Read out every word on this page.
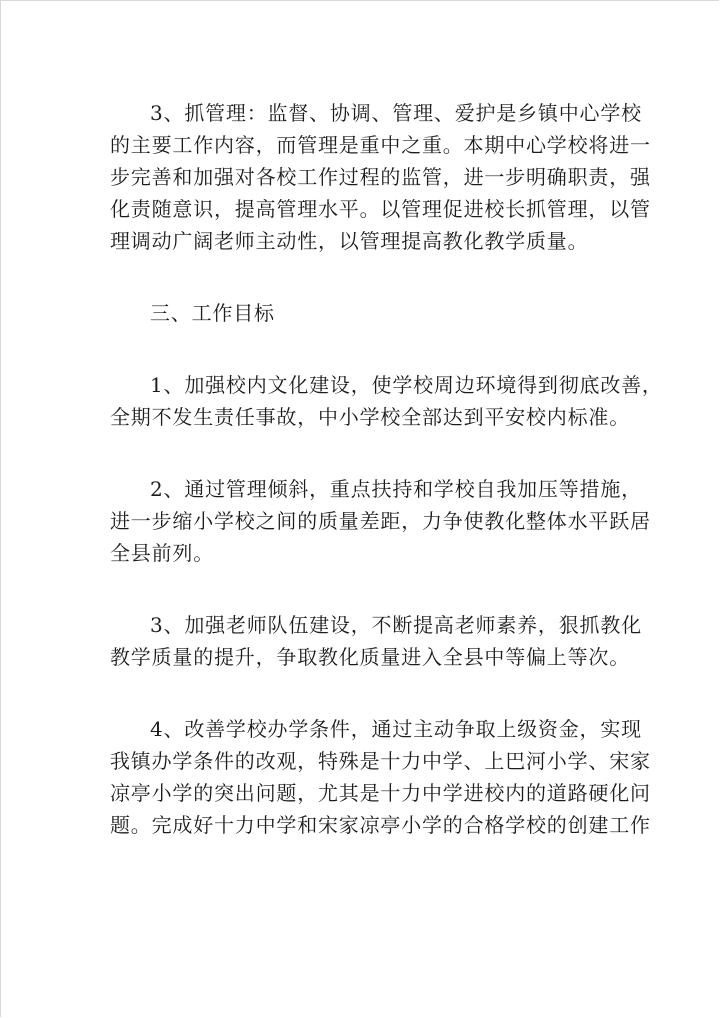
3、抓管理：监督、协调、管理、爱护是乡镇中心学校
的主要工作内容，而管理是重中之重。本期中心学校将进一
步完善和加强对各校工作过程的监管，进一步明确职责，强
化责随意识，提高管理水平。以管理促进校长抓管理，以管
理调动广阔老师主动性，以管理提高教化教学质量。
三、工作目标
1、加强校内文化建设，使学校周边环境得到彻底改善，
全期不发生责任事故，中小学校全部达到平安校内标准。
2、通过管理倾斜，重点扶持和学校自我加压等措施，
进一步缩小学校之间的质量差距，力争使教化整体水平跃居
全县前列。
3、加强老师队伍建设，不断提高老师素养，狠抓教化
教学质量的提升，争取教化质量进入全县中等偏上等次。
4、改善学校办学条件，通过主动争取上级资金，实现
我镇办学条件的改观，特殊是十力中学、上巴河小学、宋家
凉亭小学的突出问题，尤其是十力中学进校内的道路硬化问
题。完成好十力中学和宋家凉亭小学的合格学校的创建工作
